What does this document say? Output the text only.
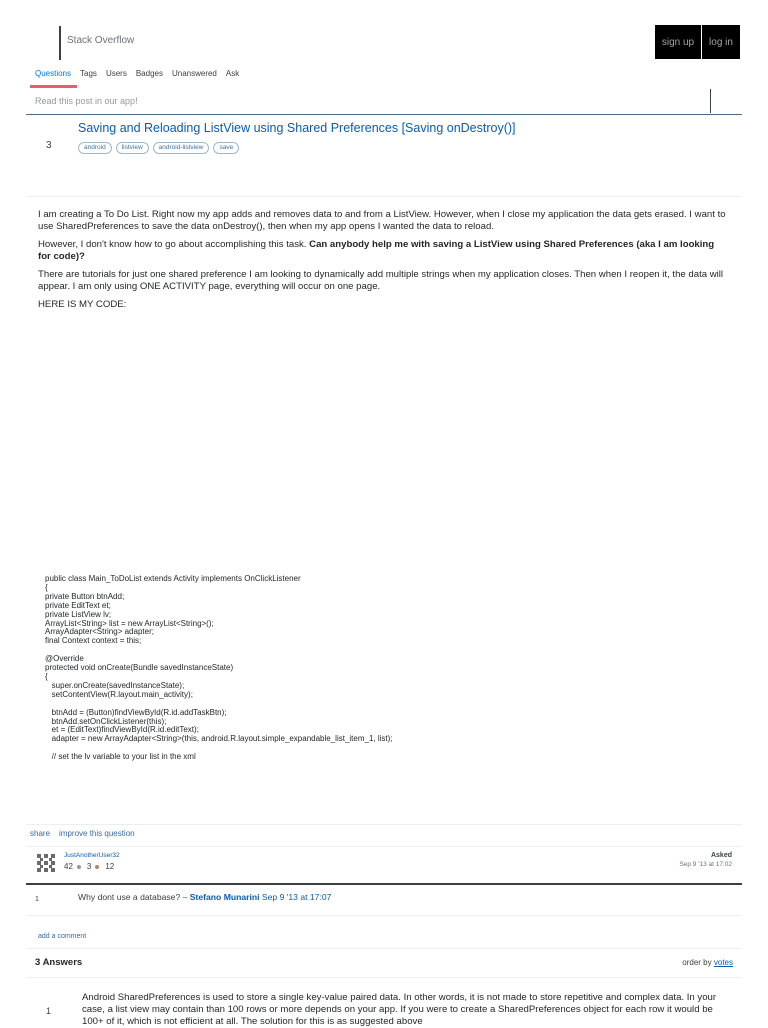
Stack Overflow	sign up	log in
Questions Tags Users Badges Unanswered Ask
Read this post in our app!
Saving and Reloading ListView using Shared Preferences [Saving onDestroy()]
3	android	listview	android-listview	save

I am creating a To Do List. Right now my app adds and removes data to and from a ListView. However, when I close my application the data gets erased. I want to use SharedPreferences to save the data onDestroy(), then when my app opens I wanted the data to reload.

However, I don't know how to go about accomplishing this task. Can anybody help me with saving a ListView using Shared Preferences (aka I am looking for code)?

There are tutorials for just one shared preference I am looking to dynamically add multiple strings when my application closes. Then when I reopen it, the data will appear. I am only using ONE ACTIVITY page, everything will occur on one page.

HERE IS MY CODE:

public class Main_ToDoList extends Activity implements OnClickListener
{
private Button btnAdd;
private EditText et;
private ListView lv;
ArrayList<String> list = new ArrayList<String>();
ArrayAdapter<String> adapter;
final Context context = this;

@Override
protected void onCreate(Bundle savedInstanceState)
{
super.onCreate(savedInstanceState);
setContentView(R.layout.main_activity);

btnAdd = (Button)findViewById(R.id.addTaskBtn);
btnAdd.setOnClickListener(this);
et = (EditText)findViewById(R.id.editText);
adapter = new ArrayAdapter<String>(this, android.R.layout.simple_expandable_list_item_1, list);

// set the lv variable to your list in the xml
share improve this question
JustAnotherUser32
42 3 12
Asked
Sep 9 '13 at 17:02
1	Why dont use a database? – Stefano Munarini Sep 9 '13 at 17:07
add a comment
3 Answers	order by votes
1
Android SharedPreferences is used to store a single key-value paired data. In other words, it is not made to store repetitive and complex data. In your case, a list view may contain than 100 rows or more depends on your app. If you were to create a SharedPreferences object for each row it would be 100+ of it, which is not efficient at all. The solution for this is as suggested above
